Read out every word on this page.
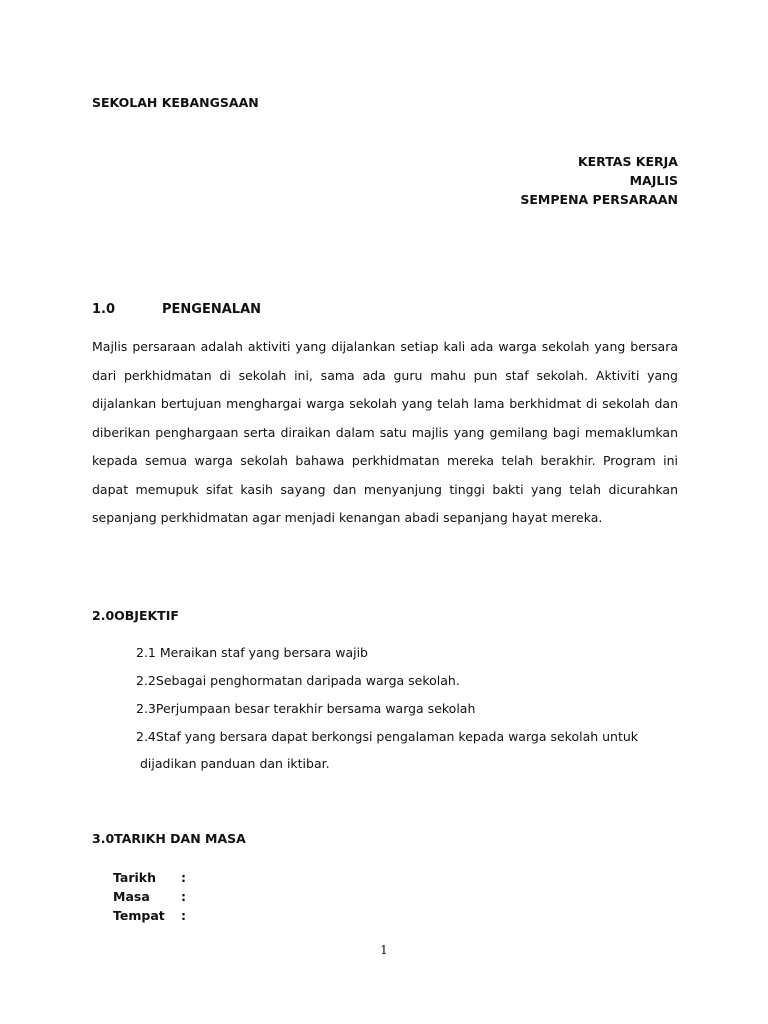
SEKOLAH KEBANGSAAN
KERTAS KERJA
MAJLIS
SEMPENA PERSARAAN
1.0	PENGENALAN

Majlis persaraan adalah aktiviti yang dijalankan setiap kali ada warga sekolah yang bersara dari perkhidmatan di sekolah ini, sama ada guru mahu pun staf sekolah. Aktiviti yang dijalankan bertujuan menghargai warga sekolah yang telah lama berkhidmat di sekolah dan diberikan penghargaan serta diraikan dalam satu majlis yang gemilang bagi memaklumkan kepada semua warga sekolah bahawa perkhidmatan mereka telah berakhir. Program ini dapat memupuk sifat kasih sayang dan menyanjung tinggi bakti yang telah dicurahkan sepanjang perkhidmatan agar menjadi kenangan abadi sepanjang hayat mereka.

2.0OBJEKTIF
2.1 Meraikan staf yang bersara wajib
2.2Sebagai penghormatan daripada warga sekolah.
2.3Perjumpaan besar terakhir bersama warga sekolah
2.4Staf yang bersara dapat berkongsi pengalaman kepada warga sekolah untuk
dijadikan panduan dan iktibar.
3.0TARIKH DAN MASA
Tarikh	:
Masa	:
Tempat	:
1
